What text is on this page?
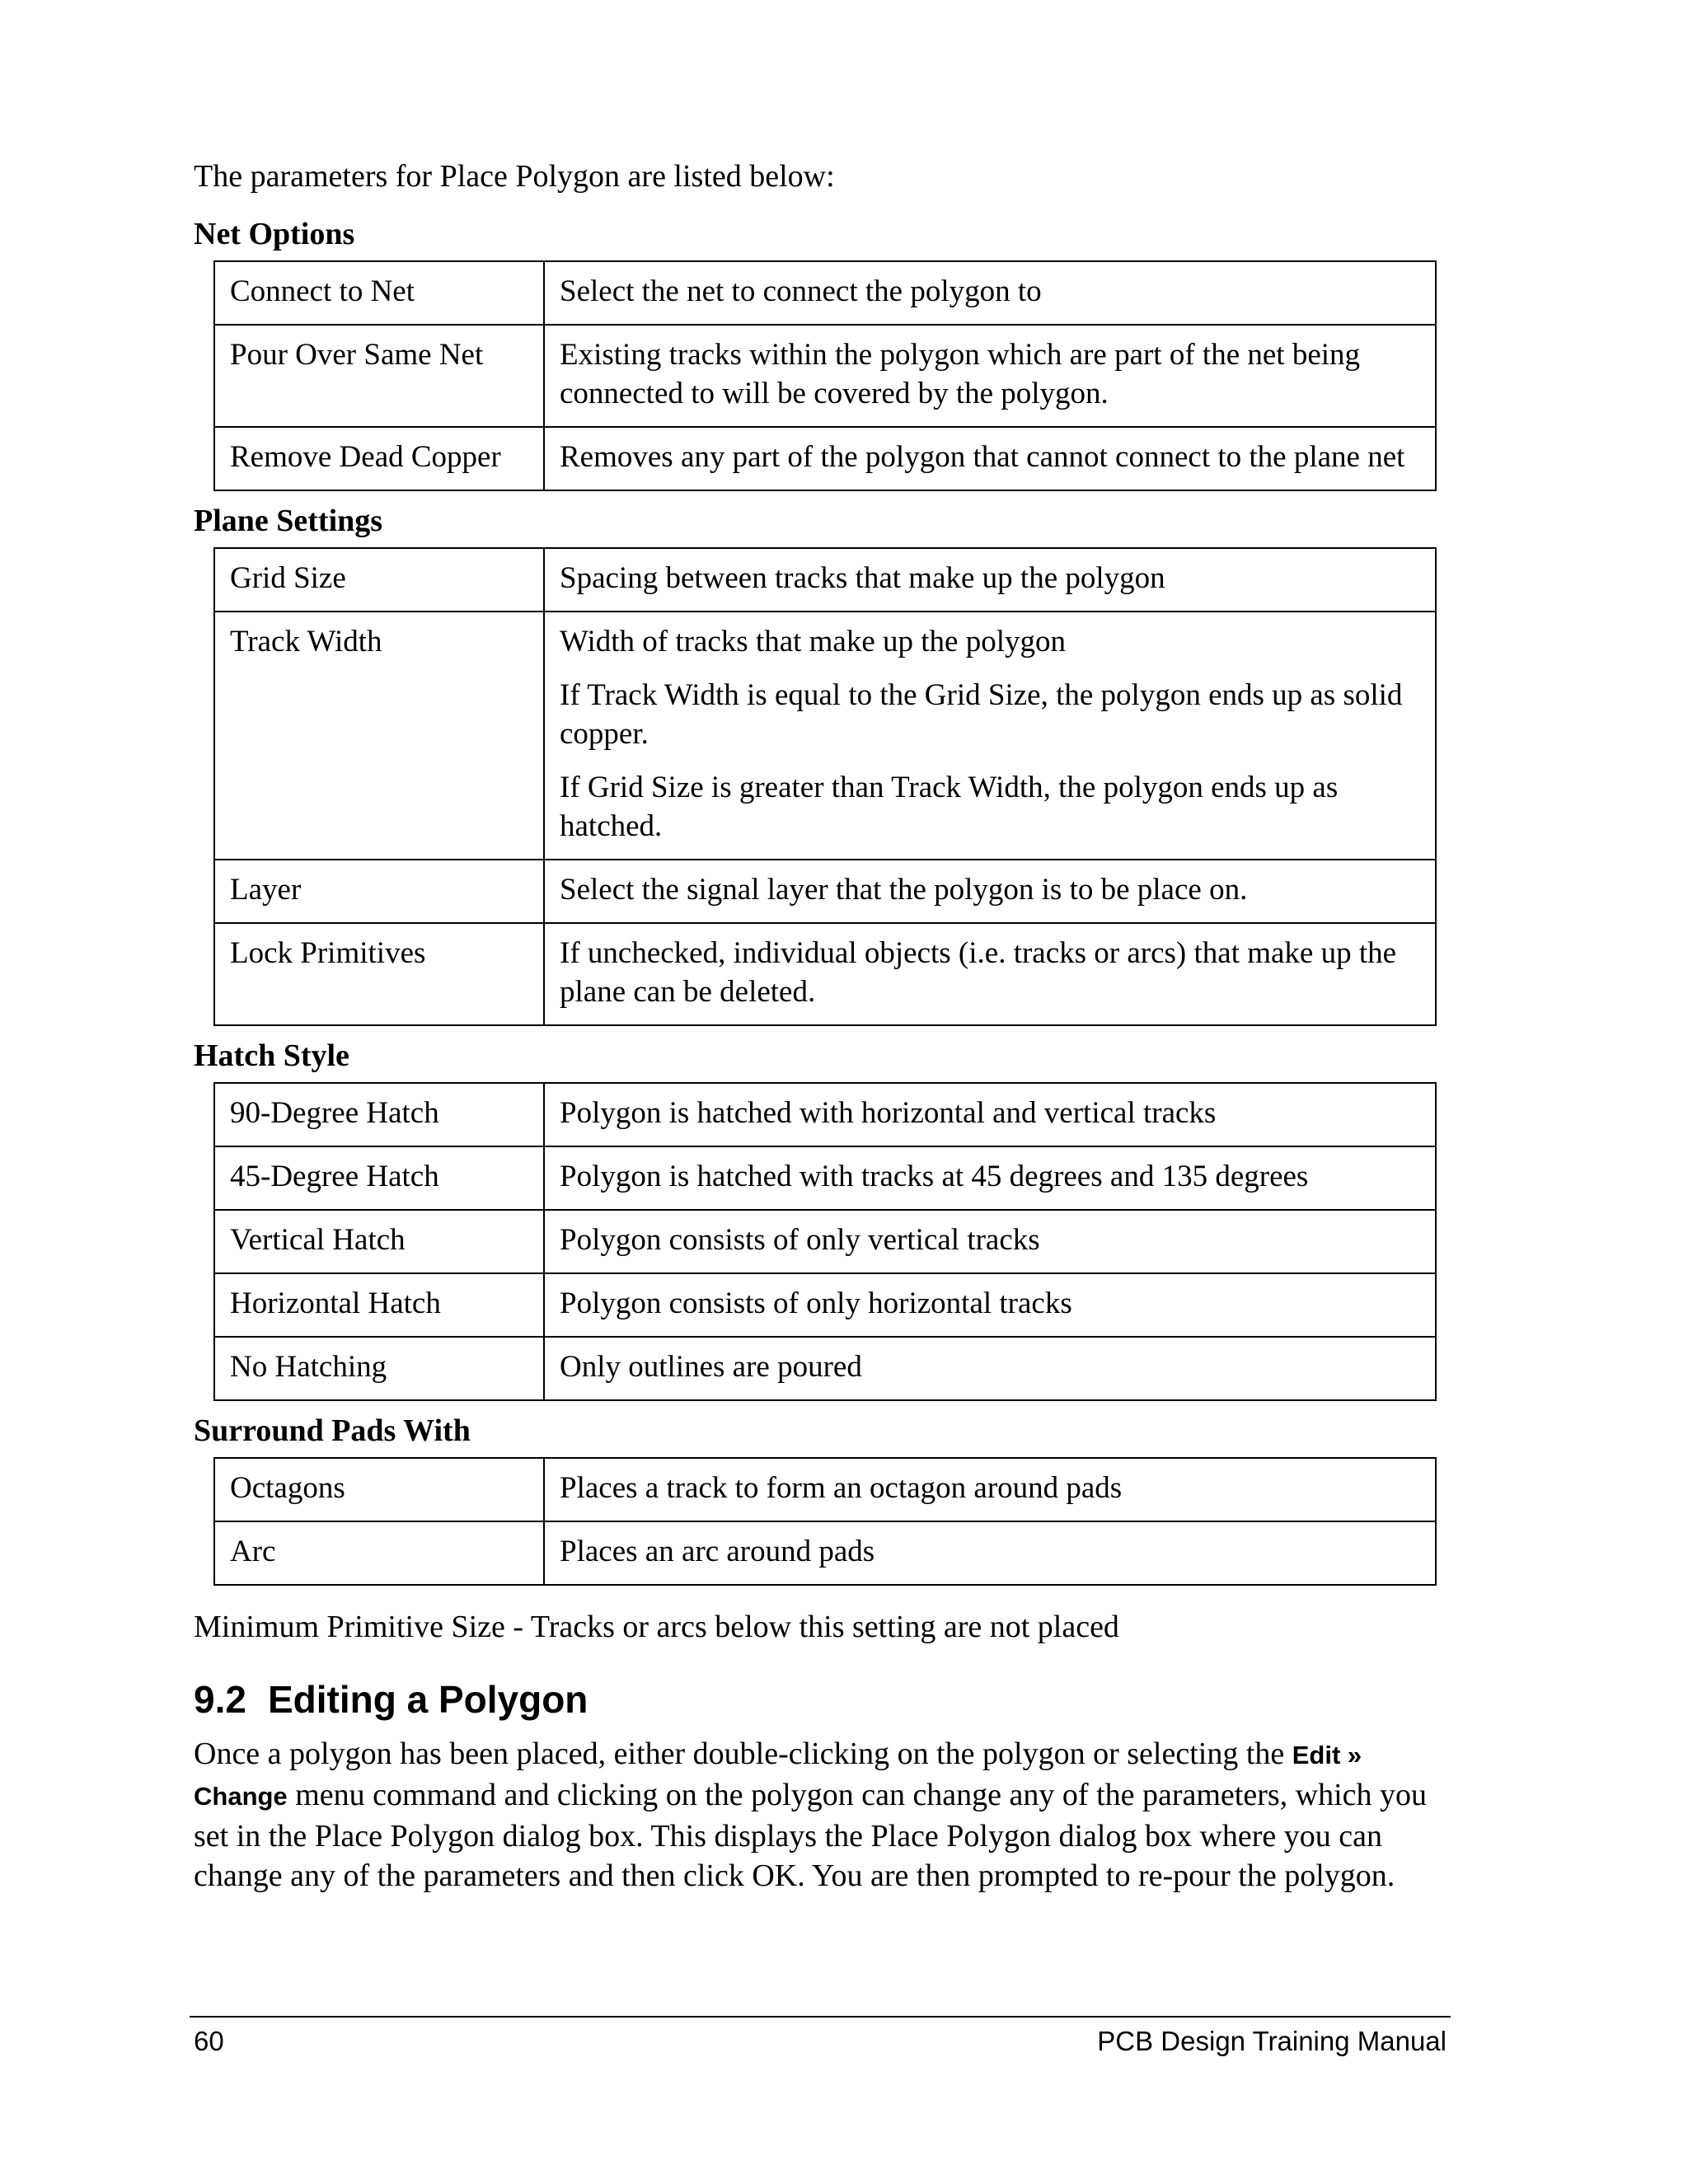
The parameters for Place Polygon are listed below:

Net Options
Connect to Net	Select the net to connect the polygon to

Pour Over Same Net	Existing tracks within the polygon which are part of the net being connected to will be covered by the polygon.

Remove Dead Copper	Removes any part of the polygon that cannot connect to the plane net

Plane Settings
Grid Size	Spacing between tracks that make up the polygon

Track Width	Width of tracks that make up the polygon

If Track Width is equal to the Grid Size, the polygon ends up as solid copper.

If Grid Size is greater than Track Width, the polygon ends up as hatched.

Layer	Select the signal layer that the polygon is to be place on.

Lock Primitives	If unchecked, individual objects (i.e. tracks or arcs) that make up the plane can be deleted.

Hatch Style
90-Degree Hatch	Polygon is hatched with horizontal and vertical tracks

45-Degree Hatch	Polygon is hatched with tracks at 45 degrees and 135 degrees

Vertical Hatch	Polygon consists of only vertical tracks

Horizontal Hatch	Polygon consists of only horizontal tracks

No Hatching	Only outlines are poured

Surround Pads With
Octagons	Places a track to form an octagon around pads

Arc	Places an arc around pads

Minimum Primitive Size - Tracks or arcs below this setting are not placed

9.2 Editing a Polygon

Once a polygon has been placed, either double-clicking on the polygon or selecting the Edit » Change menu command and clicking on the polygon can change any of the parameters, which you set in the Place Polygon dialog box. This displays the Place Polygon dialog box where you can change any of the parameters and then click OK. You are then prompted to re-pour the polygon.

60	PCB Design Training Manual
